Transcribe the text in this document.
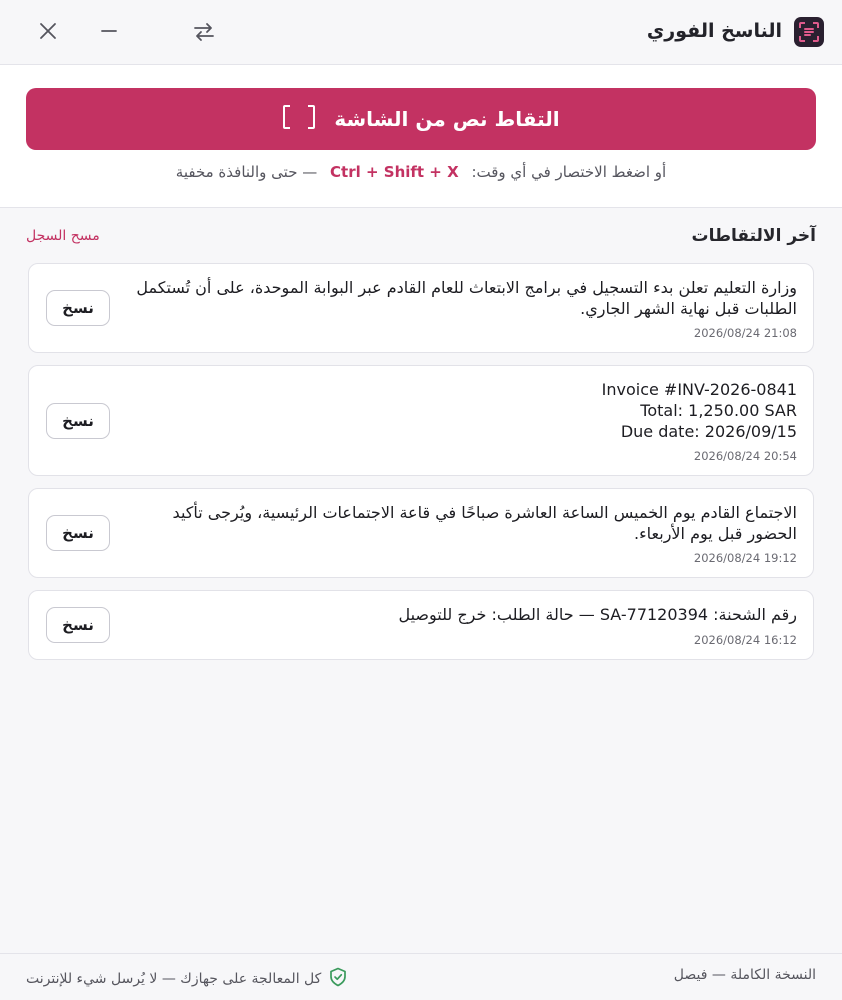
الناسخ الفوري
التقاط نص من الشاشة
أو اضغط الاختصار في أي وقت: Ctrl + Shift + X — حتى والنافذة مخفية
آخر الالتقاطات
مسح السجل
وزارة التعليم تعلن بدء التسجيل في برامج الابتعاث للعام القادم عبر البوابة الموحدة، على أن تُستكمل الطلبات قبل نهاية الشهر الجاري.
2026/08/24 21:08
نسخ
Invoice #INV-2026-0841
Total: 1,250.00 SAR
Due date: 2026/09/15
2026/08/24 20:54
نسخ
الاجتماع القادم يوم الخميس الساعة العاشرة صباحًا في قاعة الاجتماعات الرئيسية، ويُرجى تأكيد الحضور قبل يوم الأربعاء.
2026/08/24 19:12
نسخ
رقم الشحنة: SA-77120394 — حالة الطلب: خرج للتوصيل
2026/08/24 16:12
نسخ
النسخة الكاملة — فيصل
كل المعالجة على جهازك — لا يُرسل شيء للإنترنت
